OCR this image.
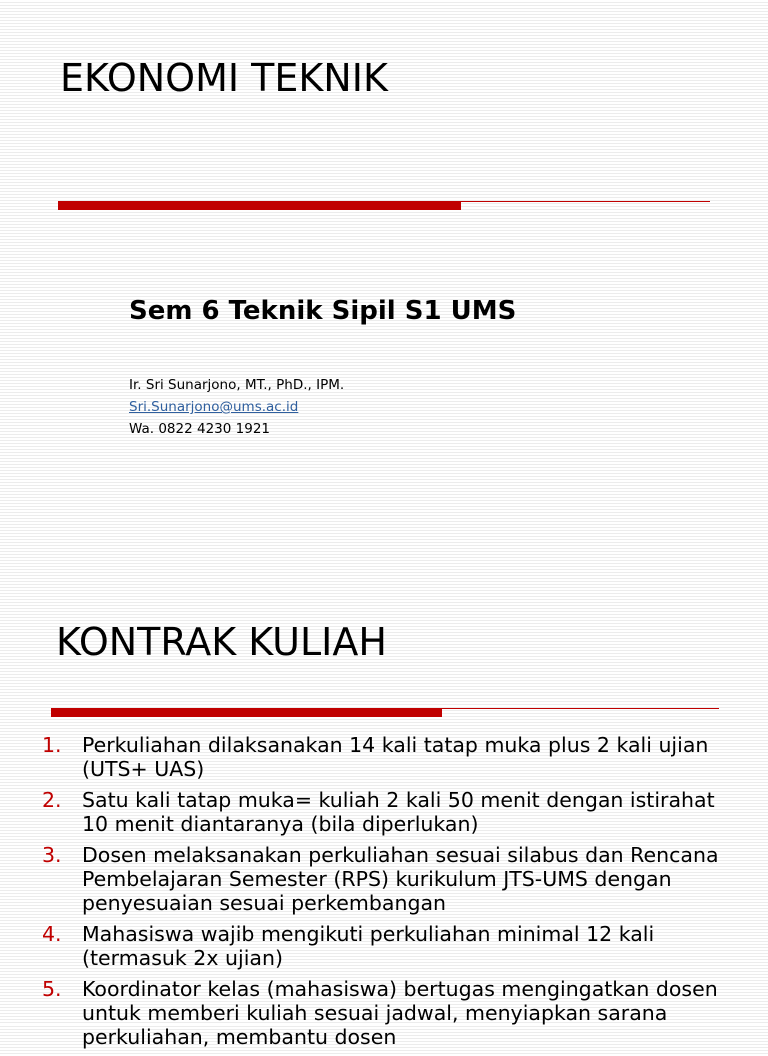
EKONOMI TEKNIK
Sem 6 Teknik Sipil S1 UMS
Ir. Sri Sunarjono, MT., PhD., IPM.
Sri.Sunarjono@ums.ac.id
Wa. 0822 4230 1921
KONTRAK KULIAH
1. Perkuliahan dilaksanakan 14 kali tatap muka plus 2 kali ujian (UTS+ UAS)
2. Satu kali tatap muka= kuliah 2 kali 50 menit dengan istirahat 10 menit diantaranya (bila diperlukan)
3. Dosen melaksanakan perkuliahan sesuai silabus dan Rencana Pembelajaran Semester (RPS) kurikulum JTS-UMS dengan penyesuaian sesuai perkembangan
4. Mahasiswa wajib mengikuti perkuliahan minimal 12 kali (termasuk 2x ujian)
5. Koordinator kelas (mahasiswa) bertugas mengingatkan dosen untuk memberi kuliah sesuai jadwal, menyiapkan sarana perkuliahan, membantu dosen
